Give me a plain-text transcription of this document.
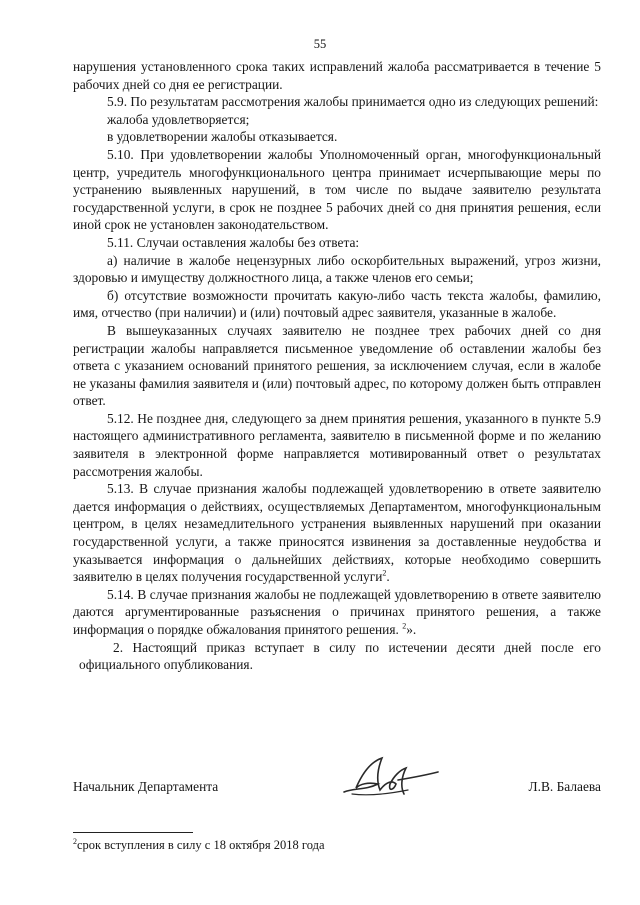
55

нарушения установленного срока таких исправлений жалоба рассматривается в течение 5 рабочих дней со дня ее регистрации.

5.9. По результатам рассмотрения жалобы принимается одно из следующих решений:

жалоба удовлетворяется;

в удовлетворении жалобы отказывается.

5.10. При удовлетворении жалобы Уполномоченный орган, многофункциональный центр, учредитель многофункционального центра принимает исчерпывающие меры по устранению выявленных нарушений, в том числе по выдаче заявителю результата государственной услуги, в срок не позднее 5 рабочих дней со дня принятия решения, если иной срок не установлен законодательством.

5.11. Случаи оставления жалобы без ответа:

а) наличие в жалобе нецензурных либо оскорбительных выражений, угроз жизни, здоровью и имуществу должностного лица, а также членов его семьи;

б) отсутствие возможности прочитать какую-либо часть текста жалобы, фамилию, имя, отчество (при наличии) и (или) почтовый адрес заявителя, указанные в жалобе.

В вышеуказанных случаях заявителю не позднее трех рабочих дней со дня регистрации жалобы направляется письменное уведомление об оставлении жалобы без ответа с указанием оснований принятого решения, за исключением случая, если в жалобе не указаны фамилия заявителя и (или) почтовый адрес, по которому должен быть отправлен ответ.

5.12. Не позднее дня, следующего за днем принятия решения, указанного в пункте 5.9 настоящего административного регламента, заявителю в письменной форме и по желанию заявителя в электронной форме направляется мотивированный ответ о результатах рассмотрения жалобы.

5.13. В случае признания жалобы подлежащей удовлетворению в ответе заявителю дается информация о действиях, осуществляемых Департаментом, многофункциональным центром, в целях незамедлительного устранения выявленных нарушений при оказании государственной услуги, а также приносятся извинения за доставленные неудобства и указывается информация о дальнейших действиях, которые необходимо совершить заявителю в целях получения государственной услуги$^2$.

5.14. В случае признания жалобы не подлежащей удовлетворению в ответе заявителю даются аргументированные разъяснения о причинах принятого решения, а также информация о порядке обжалования принятого решения. $^2$».

2. Настоящий приказ вступает в силу по истечении десяти дней после его официального опубликования.

Начальник Департамента	Л.В. Балаева
$^2$срок вступления в силу с 18 октября 2018 года
